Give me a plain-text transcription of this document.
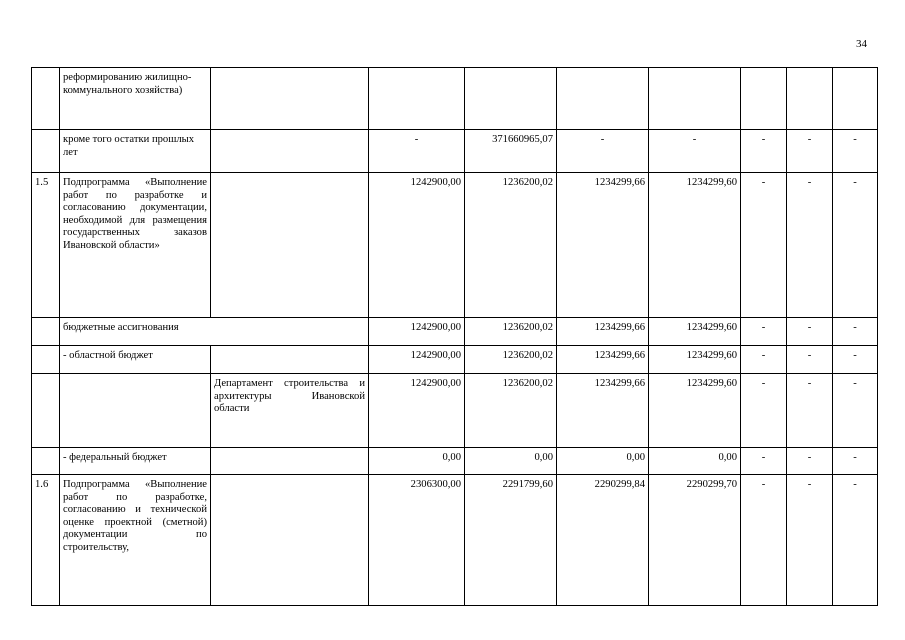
34
	реформированию жилищно-коммунального хозяйства)								
	кроме того остатки прошлых лет		-	371660965,07	-	-	-	-	-
1.5	Подпрограмма «Выполнение работ по разработке и согласованию документации, необходимой для размещения государственных заказов Ивановской области»		1242900,00	1236200,02	1234299,66	1234299,60	-	-	-
	бюджетные ассигнования		1242900,00	1236200,02	1234299,66	1234299,60	-	-	-
	- областной бюджет		1242900,00	1236200,02	1234299,66	1234299,60	-	-	-
		Департамент строительства и архитектуры Ивановской области	1242900,00	1236200,02	1234299,66	1234299,60	-	-	-
	- федеральный бюджет		0,00	0,00	0,00	0,00	-	-	-
1.6	Подпрограмма «Выполнение работ по разработке, согласованию и технической оценке проектной (сметной) документации по строительству,		2306300,00	2291799,60	2290299,84	2290299,70	-	-	-
